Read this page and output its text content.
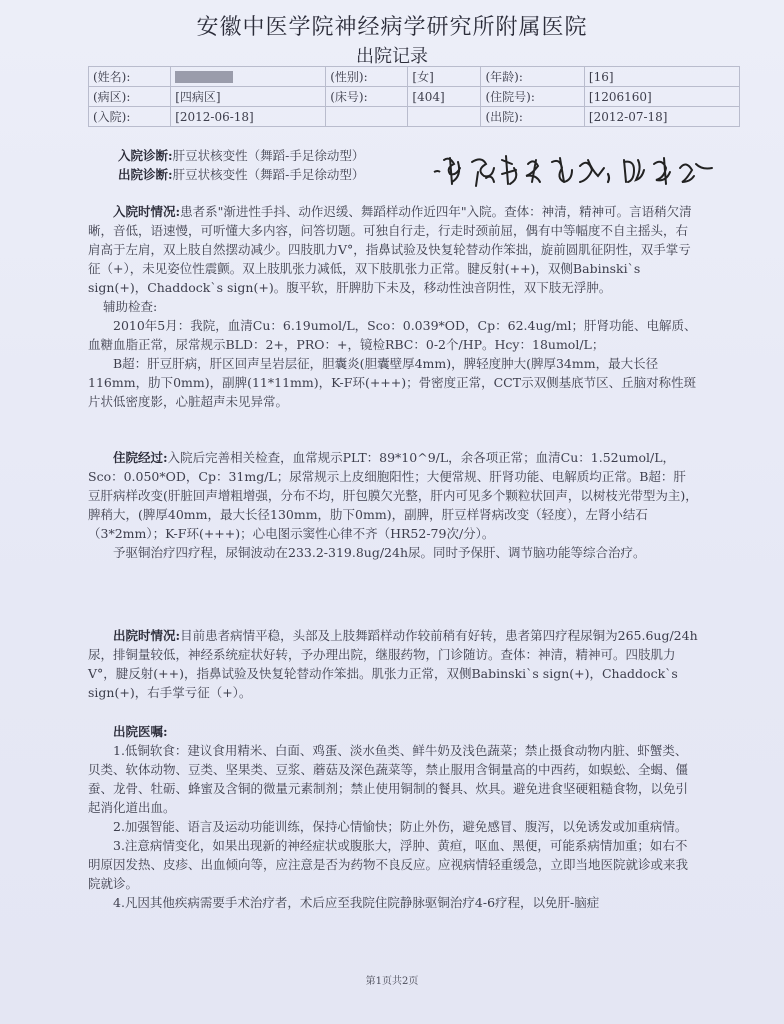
安徽中医学院神经病学研究所附属医院
出院记录
(姓名):		(性别):	[女]	(年龄):	[16]
(病区):	[四病区]	(床号):	[404]	(住院号):	[1206160]
(入院):	[2012-06-18]			(出院):	[2012-07-18]
入院诊断:肝豆状核变性（舞蹈-手足徐动型）
出院诊断:肝豆状核变性（舞蹈-手足徐动型）
· 舞蹈手足徐动型，肝硬化

入院时情况:患者系"渐进性手抖、动作迟缓、舞蹈样动作近四年"入院。查体：神清，精神可。言语稍欠清晰，音低，语速慢，可听懂大多内容，问答切题。可独自行走，行走时颈前屈，偶有中等幅度不自主摇头，右肩高于左肩，双上肢自然摆动减少。四肢肌力V°，指鼻试验及快复轮替动作笨拙，旋前圆肌征阴性，双手掌亏征（+），未见姿位性震颤。双上肢肌张力减低，双下肢肌张力正常。腱反射(++)，双侧Babinski`s sign(+)，Chaddock`s sign(+)。腹平软，肝脾肋下未及，移动性浊音阴性，双下肢无浮肿。

辅助检查:

2010年5月：我院，血清Cu：6.19umol/L，Sco：0.039*OD，Cp：62.4ug/ml；肝肾功能、电解质、血糖血脂正常，尿常规示BLD：2+，PRO：+，镜检RBC：0-2个/HP。Hcy：18umol/L；

B超：肝豆肝病，肝区回声呈岩层征，胆囊炎(胆囊壁厚4mm)，脾轻度肿大(脾厚34mm，最大长径116mm，肋下0mm)，副脾(11*11mm)，K-F环(+++)；骨密度正常，CCT示双侧基底节区、丘脑对称性斑片状低密度影，心脏超声未见异常。

住院经过:入院后完善相关检查，血常规示PLT：89*10^9/L，余各项正常；血清Cu：1.52umol/L，Sco：0.050*OD，Cp：31mg/L；尿常规示上皮细胞阳性；大便常规、肝肾功能、电解质均正常。B超：肝豆肝病样改变(肝脏回声增粗增强，分布不均，肝包膜欠光整，肝内可见多个颗粒状回声，以树枝光带型为主)，脾稍大，(脾厚40mm，最大长径130mm，肋下0mm)，副脾，肝豆样肾病改变（轻度），左肾小结石（3*2mm）；K-F环(+++)；心电图示窦性心律不齐（HR52-79次/分）。

予驱铜治疗四疗程，尿铜波动在233.2-319.8ug/24h尿。同时予保肝、调节脑功能等综合治疗。

出院时情况:目前患者病情平稳，头部及上肢舞蹈样动作较前稍有好转，患者第四疗程尿铜为265.6ug/24h尿，排铜量较低，神经系统症状好转，予办理出院，继服药物，门诊随访。查体：神清，精神可。四肢肌力V°，腱反射(++)，指鼻试验及快复轮替动作笨拙。肌张力正常，双侧Babinski`s sign(+)，Chaddock`s sign(+)，右手掌亏征（+）。

出院医嘱:

1.低铜软食：建议食用精米、白面、鸡蛋、淡水鱼类、鲜牛奶及浅色蔬菜；禁止摄食动物内脏、虾蟹类、贝类、软体动物、豆类、坚果类、豆浆、蘑菇及深色蔬菜等，禁止服用含铜量高的中西药，如蜈蚣、全蝎、僵蚕、龙骨、牡砺、蜂蜜及含铜的微量元素制剂；禁止使用铜制的餐具、炊具。避免进食坚硬粗糙食物，以免引起消化道出血。

2.加强智能、语言及运动功能训练，保持心情愉快；防止外伤，避免感冒、腹泻，以免诱发或加重病情。

3.注意病情变化，如果出现新的神经症状或腹胀大，浮肿、黄疸，呕血、黑便，可能系病情加重；如右不明原因发热、皮疹、出血倾向等，应注意是否为药物不良反应。应视病情轻重缓急，立即当地医院就诊或来我院就诊。

4.凡因其他疾病需要手术治疗者，术后应至我院住院静脉驱铜治疗4-6疗程，以免肝-脑症

第1页共2页
